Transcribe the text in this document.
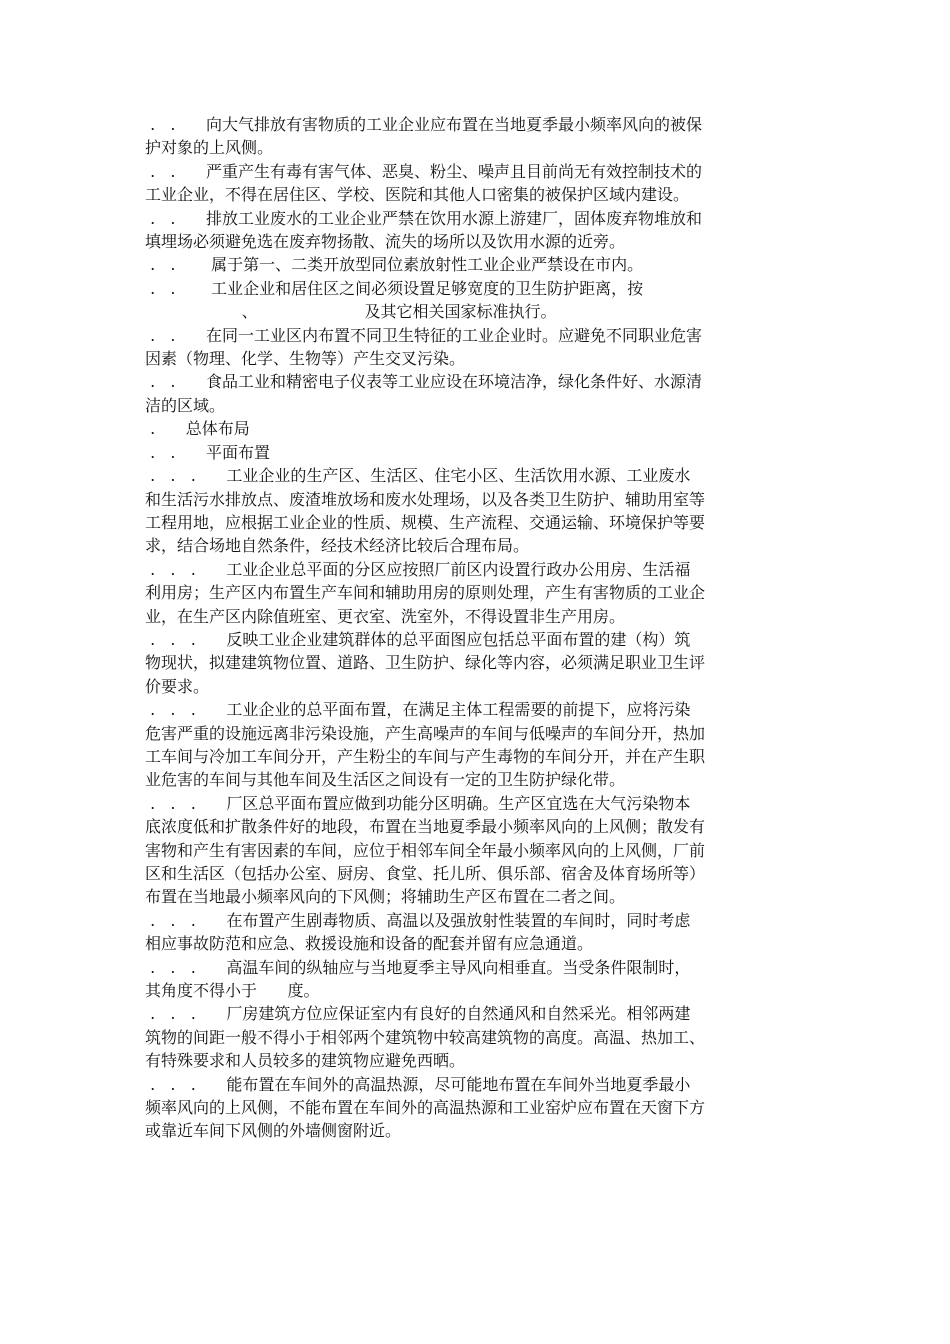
.   .      向大气排放有害物质的工业企业应布置在当地夏季最小频率风向的被保
护对象的上风侧。

.   .      严重产生有毒有害气体、恶臭、粉尘、噪声且目前尚无有效控制技术的
工业企业，不得在居住区、学校、医院和其他人口密集的被保护区域内建设。

.   .      排放工业废水的工业企业严禁在饮用水源上游建厂，固体废弃物堆放和
填埋场必须避免选在废弃物扬散、流失的场所以及饮用水源的近旁。

.   .       属于第一、二类开放型同位素放射性工业企业严禁设在市内。

.   .       工业企业和居住区之间必须设置足够宽度的卫生防护距离，按
、                     及其它相关国家标准执行。

.   .      在同一工业区内布置不同卫生特征的工业企业时。应避免不同职业危害
因素（物理、化学、生物等）产生交叉污染。

.   .      食品工业和精密电子仪表等工业应设在环境洁净，绿化条件好、水源清
洁的区域。

.      总体布局

.   .      平面布置

.   .   .      工业企业的生产区、生活区、住宅小区、生活饮用水源、工业废水
和生活污水排放点、废渣堆放场和废水处理场，以及各类卫生防护、辅助用室等
工程用地，应根据工业企业的性质、规模、生产流程、交通运输、环境保护等要
求，结合场地自然条件，经技术经济比较后合理布局。

.   .   .      工业企业总平面的分区应按照厂前区内设置行政办公用房、生活福
利用房；生产区内布置生产车间和辅助用房的原则处理，产生有害物质的工业企
业，在生产区内除值班室、更衣室、洗室外，不得设置非生产用房。

.   .   .      反映工业企业建筑群体的总平面图应包括总平面布置的建（构）筑
物现状，拟建建筑物位置、道路、卫生防护、绿化等内容，必须满足职业卫生评
价要求。

.   .   .      工业企业的总平面布置，在满足主体工程需要的前提下，应将污染
危害严重的设施远离非污染设施，产生高噪声的车间与低噪声的车间分开，热加
工车间与冷加工车间分开，产生粉尘的车间与产生毒物的车间分开，并在产生职
业危害的车间与其他车间及生活区之间设有一定的卫生防护绿化带。

.   .   .      厂区总平面布置应做到功能分区明确。生产区宜选在大气污染物本
底浓度低和扩散条件好的地段，布置在当地夏季最小频率风向的上风侧；散发有
害物和产生有害因素的车间，应位于相邻车间全年最小频率风向的上风侧，厂前
区和生活区（包括办公室、厨房、食堂、托儿所、俱乐部、宿舍及体育场所等）
布置在当地最小频率风向的下风侧；将辅助生产区布置在二者之间。

.   .   .      在布置产生剧毒物质、高温以及强放射性装置的车间时，同时考虑
相应事故防范和应急、救援设施和设备的配套并留有应急通道。

.   .   .      高温车间的纵轴应与当地夏季主导风向相垂直。当受条件限制时，
其角度不得小于      度。

.   .   .      厂房建筑方位应保证室内有良好的自然通风和自然采光。相邻两建
筑物的间距一般不得小于相邻两个建筑物中较高建筑物的高度。高温、热加工、
有特殊要求和人员较多的建筑物应避免西晒。

.   .   .      能布置在车间外的高温热源，尽可能地布置在车间外当地夏季最小
频率风向的上风侧，不能布置在车间外的高温热源和工业窑炉应布置在天窗下方
或靠近车间下风侧的外墙侧窗附近。
